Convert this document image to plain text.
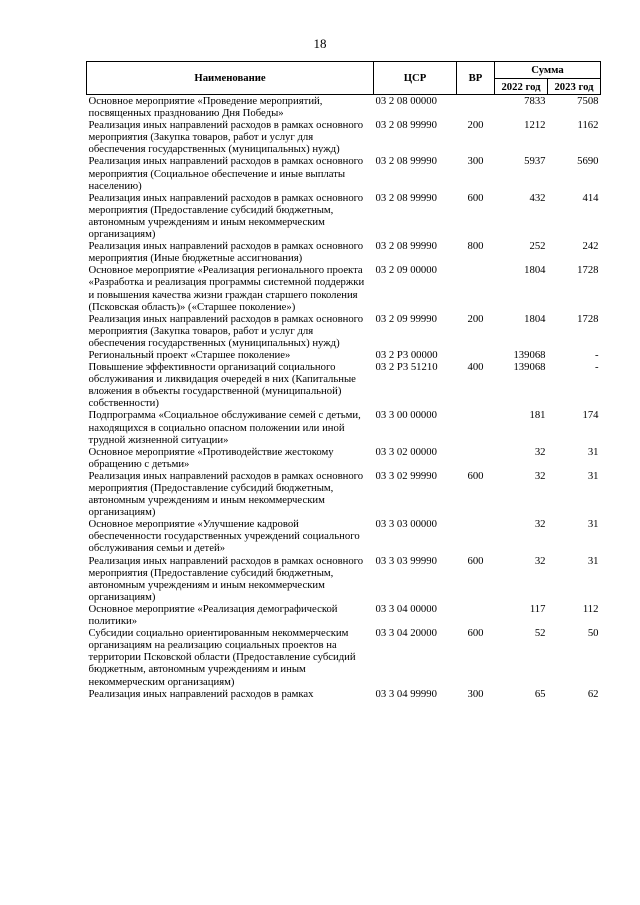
18
Наименование	ЦСР	ВР	Сумма	
			2022 год	2023 год
Основное мероприятие «Проведение мероприятий, посвященных празднованию Дня Победы»	03 2 08 00000		7833	7508
Реализация иных направлений расходов в рамках основного мероприятия (Закупка товаров, работ и услуг для обеспечения государственных (муниципальных) нужд)	03 2 08 99990	200	1212	1162
Реализация иных направлений расходов в рамках основного мероприятия (Социальное обеспечение и иные выплаты населению)	03 2 08 99990	300	5937	5690
Реализация иных направлений расходов в рамках основного мероприятия (Предоставление субсидий бюджетным, автономным учреждениям и иным некоммерческим организациям)	03 2 08 99990	600	432	414
Реализация иных направлений расходов в рамках основного мероприятия (Иные бюджетные ассигнования)	03 2 08 99990	800	252	242
Основное мероприятие «Реализация регионального проекта «Разработка и реализация программы системной поддержки и повышения качества жизни граждан старшего поколения (Псковская область)» («Старшее поколение»)	03 2 09 00000		1804	1728
Реализация иных направлений расходов в рамках основного мероприятия (Закупка товаров, работ и услуг для обеспечения государственных (муниципальных) нужд)	03 2 09 99990	200	1804	1728
Региональный проект «Старшее поколение»	03 2 P3 00000		139068	-
Повышение эффективности организаций социального обслуживания и ликвидация очередей в них (Капитальные вложения в объекты государственной (муниципальной) собственности)	03 2 P3 51210	400	139068	-
Подпрограмма «Социальное обслуживание семей с детьми, находящихся в социально опасном положении или иной трудной жизненной ситуации»	03 3 00 00000		181	174
Основное мероприятие «Противодействие жестокому обращению с детьми»	03 3 02 00000		32	31
Реализация иных направлений расходов в рамках основного мероприятия (Предоставление субсидий бюджетным, автономным учреждениям и иным некоммерческим организациям)	03 3 02 99990	600	32	31
Основное мероприятие «Улучшение кадровой обеспеченности государственных учреждений социального обслуживания семьи и детей»	03 3 03 00000		32	31
Реализация иных направлений расходов в рамках основного мероприятия (Предоставление субсидий бюджетным, автономным учреждениям и иным некоммерческим организациям)	03 3 03 99990	600	32	31
Основное мероприятие «Реализация демографической политики»	03 3 04 00000		117	112
Субсидии социально ориентированным некоммерческим организациям на реализацию социальных проектов на территории Псковской области (Предоставление субсидий бюджетным, автономным учреждениям и иным некоммерческим организациям)	03 3 04 20000	600	52	50
Реализация иных направлений расходов в рамках	03 3 04 99990	300	65	62
